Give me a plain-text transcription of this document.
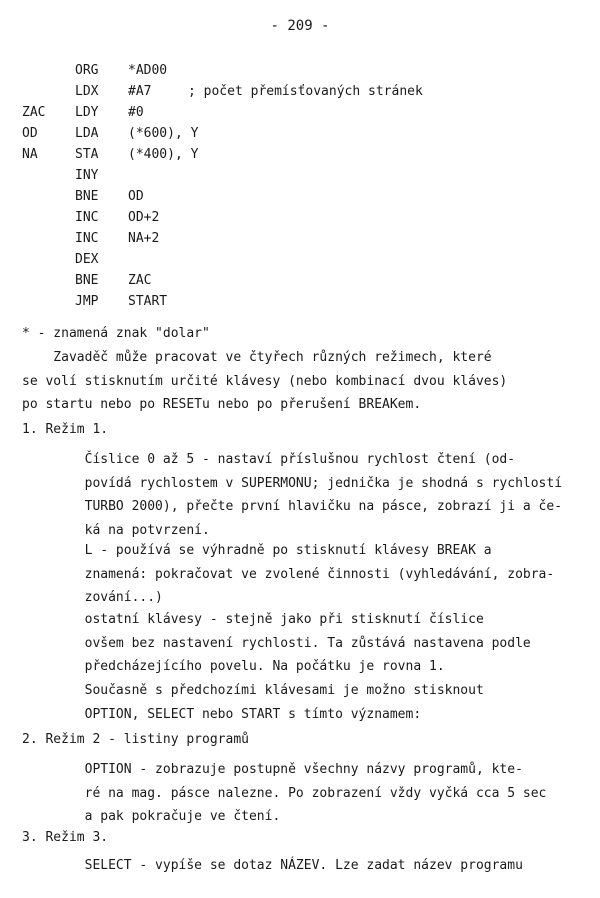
- 209 -
ORG *AD00
LDX #A7	; počet přemísťovaných stránek
ZAC LDY #0
OD	LDA (*600), Y
NA	STA (*400), Y
INY
BNE OD
INC OD+2
INC NA+2
DEX
BNE ZAC
JMP START
* - znamená znak "dolar"
Zavaděč může pracovat ve čtyřech různých režimech, které
se volí stisknutím určité klávesy (nebo kombinací dvou kláves)
po startu nebo po RESETu nebo po přerušení BREAKem.
1. Režim 1.
Číslice 0 až 5 - nastaví příslušnou rychlost čtení (od-
povídá rychlostem v SUPERMONU; jednička je shodná s rychlostí
TURBO 2000), přečte první hlavičku na pásce, zobrazí ji a če-
ká na potvrzení.
L - používá se výhradně po stisknutí klávesy BREAK a
znamená: pokračovat ve zvolené činnosti (vyhledávání, zobra-
zování...)
ostatní klávesy - stejně jako při stisknutí číslice
ovšem bez nastavení rychlosti. Ta zůstává nastavena podle
předcházejícího povelu. Na počátku je rovna 1.
Současně s předchozími klávesami je možno stisknout
OPTION, SELECT nebo START s tímto významem:
2. Režim 2 - listiny programů
OPTION - zobrazuje postupně všechny názvy programů, kte-
ré na mag. pásce nalezne. Po zobrazení vždy vyčká cca 5 sec
a pak pokračuje ve čtení.
3. Režim 3.
SELECT - vypíše se dotaz NÁZEV. Lze zadat název programu
